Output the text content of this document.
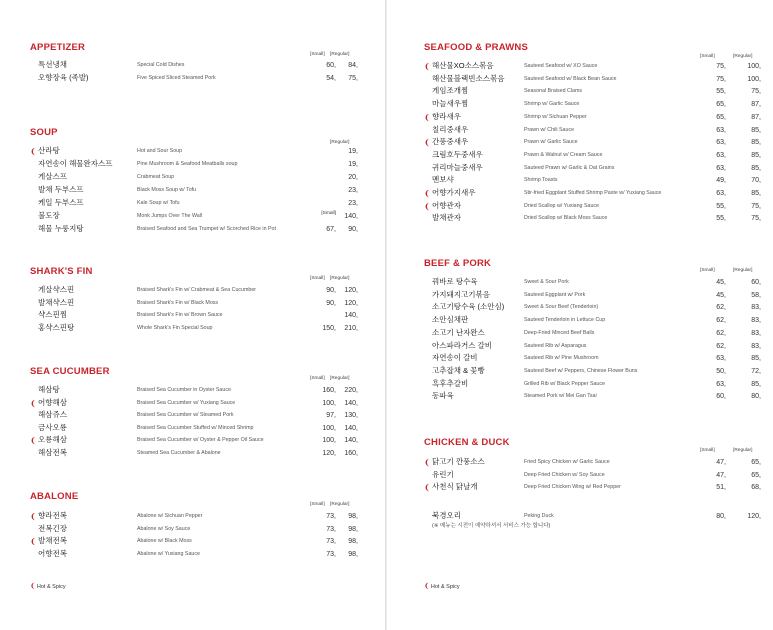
APPETIZER
[Small] [Regular]
특선냉채	Special Cold Dishes	60,	84,
오향장육 (족발)	Five Spiced Sliced Steamed Pork	54,	75,
SOUP
[Regular]
❨ 산라탕	Hot and Sour Soup	19,
자연송이 해물완자스프	Pine Mushroom & Seafood Meatballs soup	19,
게살스프	Crabmeat Soup	20,
발채 두부스프	Black Moss Soup w/ Tofu	23,
케일 두부스프	Kale Soup w/ Tofu	23,
불도장	Monk Jumps Over The Wall	[Small]	140,
해물 누룽지탕	Braised Seafood and Sea Trumpet w/ Scorched Rice in Pot	67,	90,
SHARK'S FIN
[Small] [Regular]
게살샥스핀	Braised Shark's Fin w/ Crabmeat & Sea Cucumber	90,	120,
발채샥스핀	Braised Shark's Fin w/ Black Moss	90,	120,
샥스핀찜	Braised Shark's Fin w/ Brown Sauce	140,
홍샥스핀탕	Whole Shark's Fin Special Soup	150,	210,
SEA CUCUMBER
[Small] [Regular]
해삼탕	Braised Sea Cucumber in Oyster Sauce	160,	220,
❨ 어향해삼	Braised Sea Cucumber w/ Yuxiang Sauce	100,	140,
해삼쥬스	Braised Sea Cucumber w/ Steamed Pork	97,	130,
금사오룡	Braised Sea Cucumber Stuffed w/ Minced Shrimp	100,	140,
❨ 오룡해삼	Braised Sea Cucumber w/ Oyster & Pepper Oil Sauce	100,	140,
해삼전복	Steamed Sea Cucumber & Abalone	120,	160,
ABALONE
[Small] [Regular]
❨ 향라전복	Abalone w/ Sichuan Pepper	73,	98,
전복긴장	Abalone w/ Soy Sauce	73,	98,
❨ 발채전복	Abalone w/ Black Moss	73,	98,
어향전복	Abalone w/ Yuxiang Sauce	73,	98,
SEAFOOD & PRAWNS
[Small]	[Regular]
❨ 해산물XO소스볶음	Sauteed Seafood w/ XO Sauce	75,	100,
해산물블랙빈소스볶음	Sauteed Seafood w/ Black Bean Sauce	75,	100,
게임조개찜	Seasonal Braised Clams	55,	75,
마늘새우찜	Shrimp w/ Garlic Sauce	65,	87,
❨ 향라새우	Shrimp w/ Sichuan Pepper	65,	87,
칠리중새우	Prawn w/ Chili Sauce	63,	85,
❨ 간풍중새우	Prawn w/ Garlic Sauce	63,	85,
크림호두중새우	Prawn & Walnut w/ Cream Sauce	63,	85,
귀리마늘중새우	Sauteed Prawn w/ Garlic & Oat Grains	63,	85,
멘보샤	Shrimp Toasts	49,	70,
❨ 어향가지새우	Stir-fried Eggplant Stuffed Shrimp Paste w/ Yuxiang Sauce	63,	85,
❨ 어향관자	Dried Scallop w/ Yuxiang Sauce	55,	75,
발채관자	Dried Scallop w/ Black Moss Sauce	55,	75,
BEEF & PORK
[Small]	[Regular]
꿔바로 탕수육	Sweet & Sour Pork	45,	60,
가지돼지고기볶음	Sauteed Eggplant w/ Pork	45,	58,
소고기탕수육 (소안심)	Sweet & Sour Beef (Tenderloin)	62,	83,
소안심채판	Sauteed Tenderloin in Lettuce Cup	62,	83,
소고기 난자완스	Deep-Fried Minced Beef Balls	62,	83,
아스파라거스 갈비	Sauteed Rib w/ Asparagus	62,	83,
자연송이 갈비	Sauteed Rib w/ Pine Mushroom	63,	85,
고추잡채 & 꽃빵	Sauteed Beef w/ Peppers, Chinese Flower Buns	50,	72,
흑후추갈비	Grilled Rib w/ Black Pepper Sauce	63,	85,
동파육	Steamed Pork w/ Mei Gan Tsai	60,	80,
CHICKEN & DUCK
[Small]	[Regular]
❨ 닭고기 깐풍소스	Fried Spicy Chicken w/ Garlic Sauce	47,	65,
유린기	Deep Fried Chicken w/ Soy Sauce	47,	65,
❨ 사천식 닭날개	Deep Fried Chicken Wing w/ Red Pepper	51,	68,
북경오리	Peking Duck	80,	120,
(※ 메뉴는 시전이 예약하셔서 서비스 가능 합니다)
❨Hot & Spicy	❨Hot & Spicy
